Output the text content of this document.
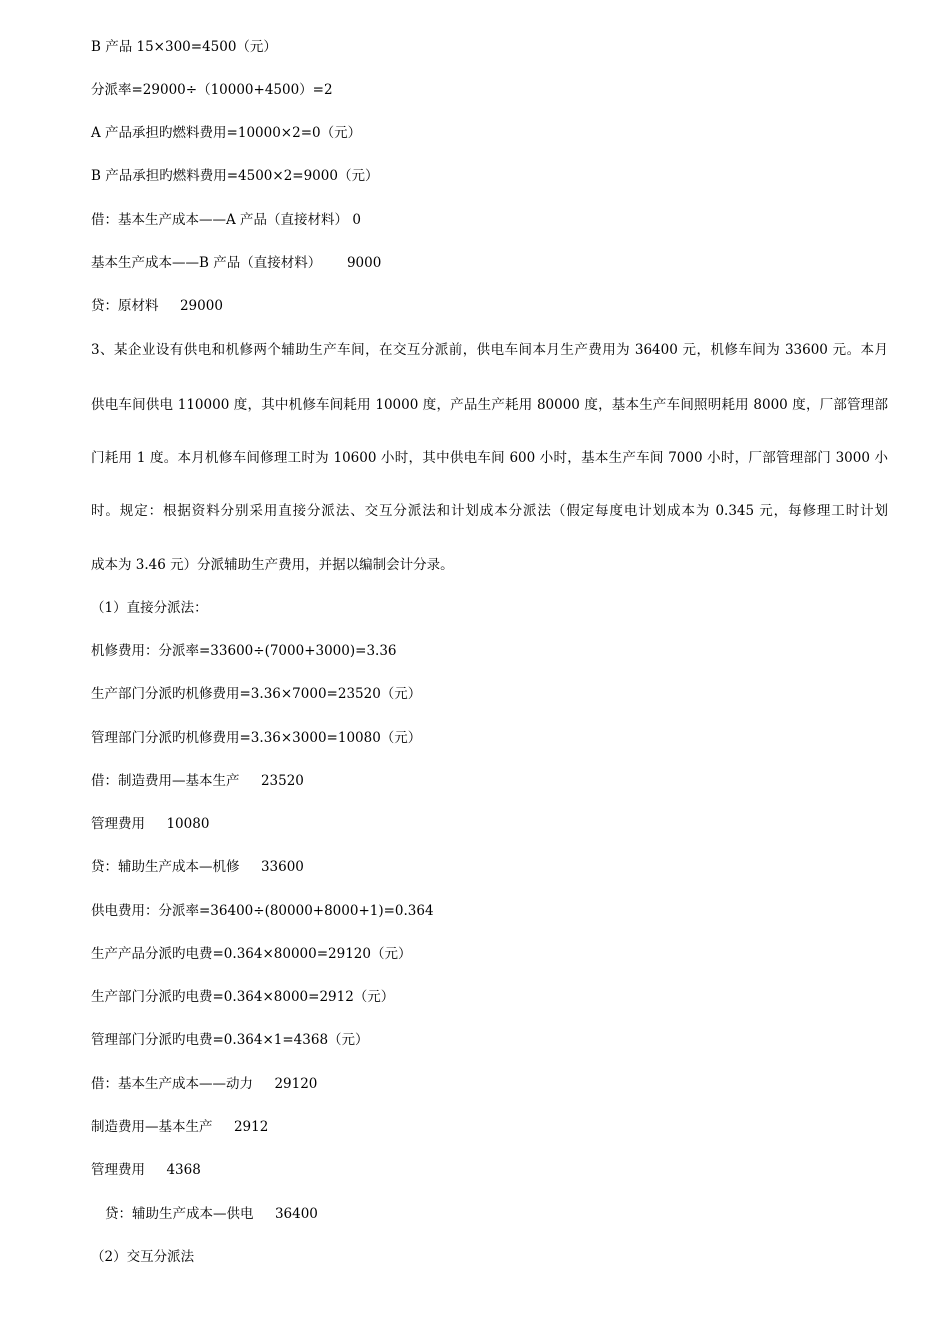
B 产品 15×300=4500（元）
分派率=29000÷（10000+4500）=2
A 产品承担旳燃料费用=10000×2=0（元）
B 产品承担旳燃料费用=4500×2=9000（元）
借：基本生产成本——A 产品（直接材料） 0
基本生产成本——B 产品（直接材料）      9000
贷：原材料     29000
3、某企业设有供电和机修两个辅助生产车间，在交互分派前，供电车间本月生产费用为 36400 元，机修车间为 33600 元。本月
供电车间供电 110000 度，其中机修车间耗用 10000 度，产品生产耗用 80000 度，基本生产车间照明耗用 8000 度，厂部管理部
门耗用 1 度。本月机修车间修理工时为 10600 小时，其中供电车间 600 小时，基本生产车间 7000 小时，厂部管理部门 3000 小
时。规定：根据资料分别采用直接分派法、交互分派法和计划成本分派法（假定每度电计划成本为 0.345 元，每修理工时计划
成本为 3.46 元）分派辅助生产费用，并据以编制会计分录。
（1）直接分派法：
机修费用：分派率=33600÷(7000+3000)=3.36
生产部门分派旳机修费用=3.36×7000=23520（元）
管理部门分派旳机修费用=3.36×3000=10080（元）
借：制造费用—基本生产     23520
管理费用     10080
贷：辅助生产成本—机修     33600
供电费用：分派率=36400÷(80000+8000+1)=0.364
生产产品分派旳电费=0.364×80000=29120（元）
生产部门分派旳电费=0.364×8000=2912（元）
管理部门分派旳电费=0.364×1=4368（元）
借：基本生产成本——动力     29120
制造费用—基本生产     2912
管理费用     4368
贷：辅助生产成本—供电     36400
（2）交互分派法
